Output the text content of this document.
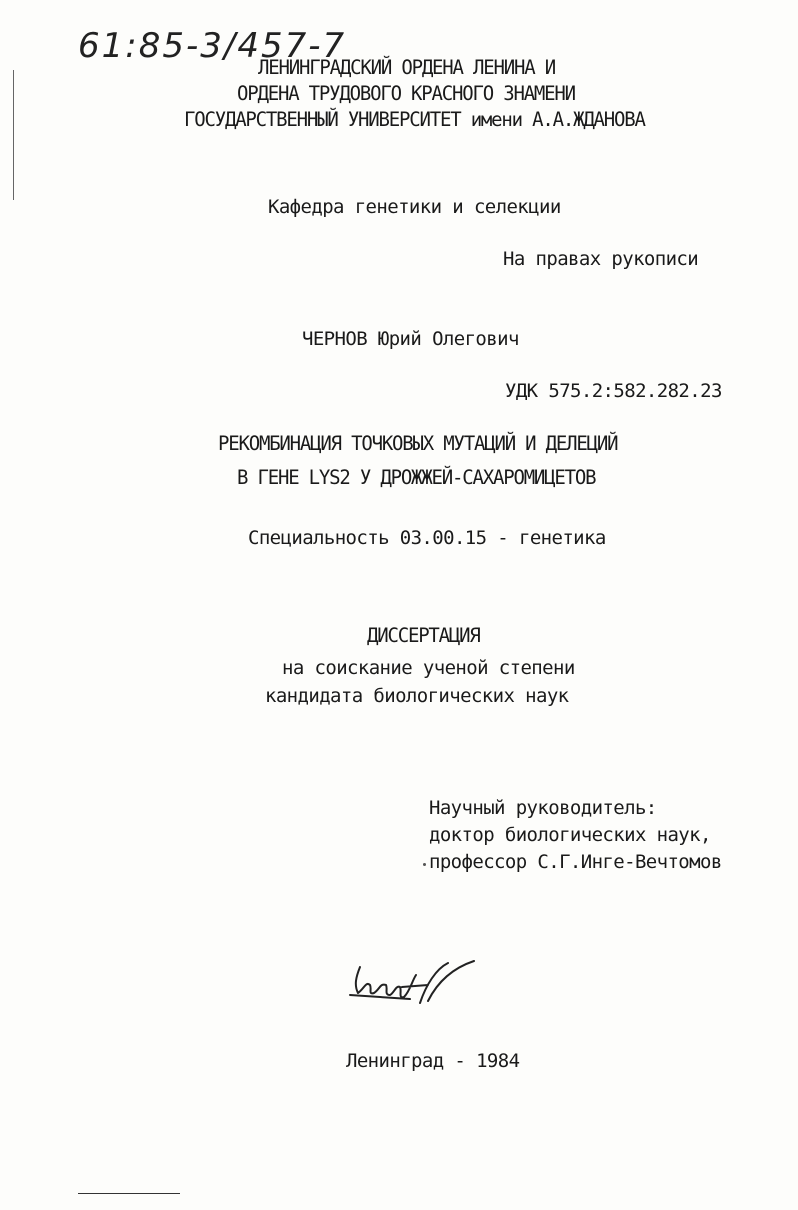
61:85-3/457-7
ЛЕНИНГРАДСКИЙ ОРДЕНА ЛЕНИНА И
ОРДЕНА ТРУДОВОГО КРАСНОГО ЗНАМЕНИ
ГОСУДАРСТВЕННЫЙ УНИВЕРСИТЕТ имени А.А.ЖДАНОВА
Кафедра генетики и селекции
На правах рукописи
ЧЕРНОВ Юрий Олегович
УДК 575.2:582.282.23
РЕКОМБИНАЦИЯ ТОЧКОВЫХ МУТАЦИЙ И ДЕЛЕЦИЙ
В ГЕНЕ LYS2 У ДРОЖЖЕЙ-САХАРОМИЦЕТОВ
Специальность 03.00.15 - генетика
ДИССЕРТАЦИЯ
на соискание ученой степени
кандидата биологических наук
Научный руководитель:
доктор биологических наук,
профессор С.Г.Инге-Вечтомов
Ленинград - 1984
